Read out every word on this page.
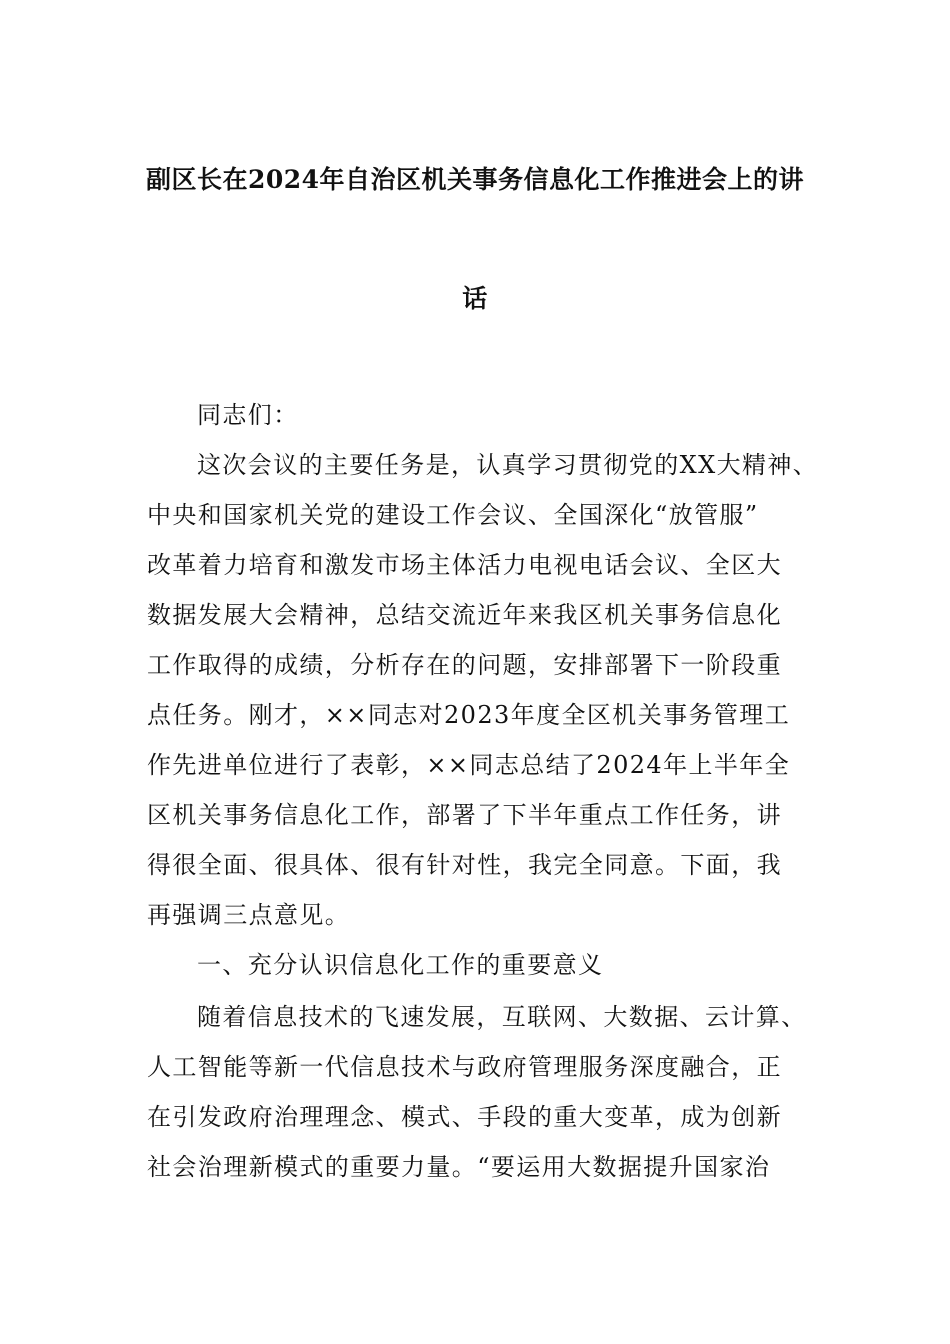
副区长在2024年自治区机关事务信息化工作推进会上的讲
话
同志们：
这次会议的主要任务是，认真学习贯彻党的XX大精神、
中央和国家机关党的建设工作会议、全国深化“放管服”
改革着力培育和激发市场主体活力电视电话会议、全区大
数据发展大会精神，总结交流近年来我区机关事务信息化
工作取得的成绩，分析存在的问题，安排部署下一阶段重
点任务。刚才，××同志对2023年度全区机关事务管理工
作先进单位进行了表彰，××同志总结了2024年上半年全
区机关事务信息化工作，部署了下半年重点工作任务，讲
得很全面、很具体、很有针对性，我完全同意。下面，我
再强调三点意见。
一、充分认识信息化工作的重要意义
随着信息技术的飞速发展，互联网、大数据、云计算、
人工智能等新一代信息技术与政府管理服务深度融合，正
在引发政府治理理念、模式、手段的重大变革，成为创新
社会治理新模式的重要力量。“要运用大数据提升国家治
